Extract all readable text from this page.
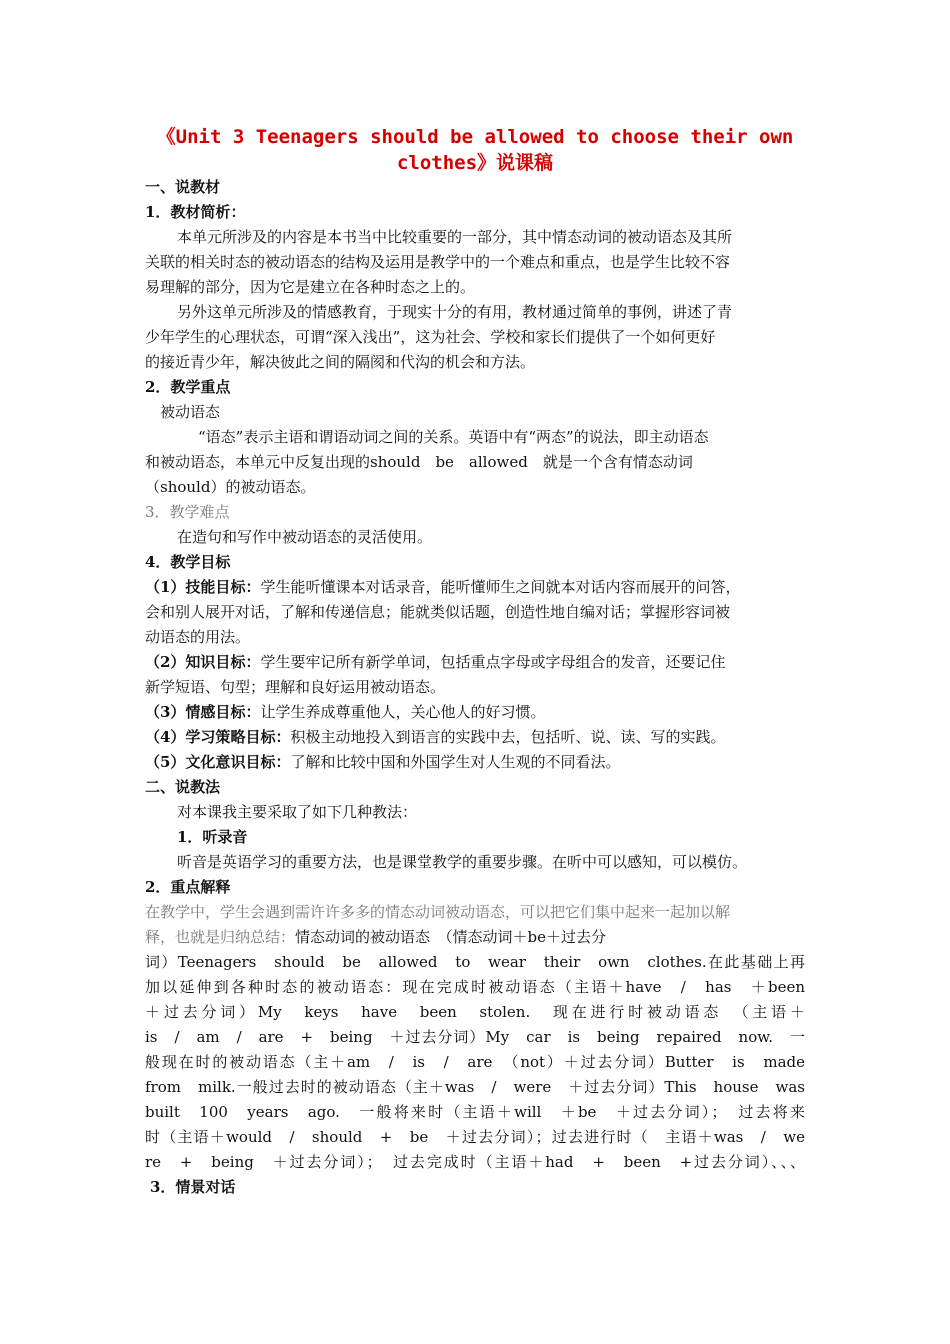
《Unit 3 Teenagers should be allowed to choose their own
clothes》说课稿
一、说教材
1．教材简析：
本单元所涉及的内容是本书当中比较重要的一部分，其中情态动词的被动语态及其所
关联的相关时态的被动语态的结构及运用是教学中的一个难点和重点，也是学生比较不容
易理解的部分，因为它是建立在各种时态之上的。
另外这单元所涉及的情感教育，于现实十分的有用，教材通过简单的事例，讲述了青
少年学生的心理状态，可谓“深入浅出”，这为社会、学校和家长们提供了一个如何更好
的接近青少年，解决彼此之间的隔阂和代沟的机会和方法。
2．教学重点
被动语态
“语态”表示主语和谓语动词之间的关系。英语中有“两态”的说法，即主动语态
和被动语态，本单元中反复出现的should　be　allowed　就是一个含有情态动词
（should）的被动语态。
3．教学难点
在造句和写作中被动语态的灵活使用。
4．教学目标
（1）技能目标：学生能听懂课本对话录音，能听懂师生之间就本对话内容而展开的问答，
会和别人展开对话，了解和传递信息；能就类似话题，创造性地自编对话；掌握形容词被
动语态的用法。
（2）知识目标：学生要牢记所有新学单词，包括重点字母或字母组合的发音，还要记住
新学短语、句型；理解和良好运用被动语态。
（3）情感目标：让学生养成尊重他人，关心他人的好习惯。
（4）学习策略目标：积极主动地投入到语言的实践中去，包括听、说、读、写的实践。
（5）文化意识目标：了解和比较中国和外国学生对人生观的不同看法。
二、说教法
对本课我主要采取了如下几种教法：
1．听录音
听音是英语学习的重要方法，也是课堂教学的重要步骤。在听中可以感知，可以模仿。
2．重点解释
在教学中，学生会遇到需许许多多的情态动词被动语态，可以把它们集中起来一起加以解
释，也就是归纳总结：情态动词的被动语态　（情态动词＋be＋过去分
词）Teenagers　should　be　allowed　to　wear　their　own　clothes.在此基础上再
加以延伸到各种时态的被动语态：现在完成时被动语态（主语＋have　/　has　＋been
＋过去分词）My　keys　have　been　stolen.　现在进行时被动语态　（主语＋
is　/　am　/　are　+　being　＋过去分词）My　car　is　being　repaired　now.　一
般现在时的被动语态（主＋am　/　is　/　are　（not）＋过去分词）Butter　is　made
from　milk.一般过去时的被动语态（主＋was　/　were　＋过去分词）This　house　was
built　100　years　ago.　一般将来时（主语＋will　＋be　＋过去分词）；　过去将来
时（主语＋would　/　should　+　be　＋过去分词）；过去进行时（　主语＋was　/　we
re　+　being　＋过去分词）；　过去完成时（主语＋had　+　been　+过去分词）、、、
3．情景对话
